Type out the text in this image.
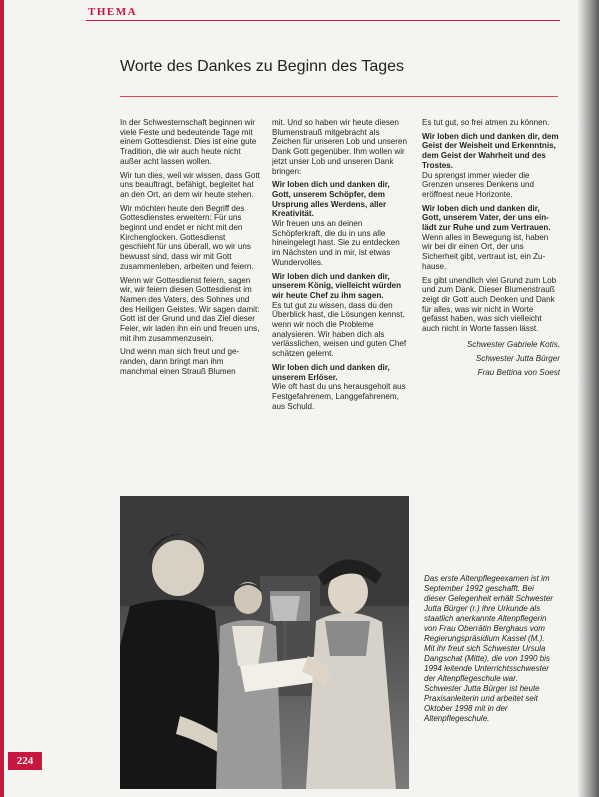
THEMA
Worte des Dankes zu Beginn des Tages

In der Schwesternschaft beginnen wir viele Feste und bedeutende Tage mit einem Gottesdienst. Dies ist eine gute Tradition, die wir auch heute nicht außer acht lassen wollen.

Wir tun dies, weil wir wissen, dass Gott uns beauftragt, befähigt, begleitet hat an den Ort, an dem wir heute stehen.

Wir möchten heute den Begriff des Gottesdienstes erweitern: Für uns beginnt und endet er nicht mit den Kirchenglocken. Gottesdienst geschieht für uns überall, wo wir uns bewusst sind, dass wir mit Gott zusammenleben, arbeiten und feiern.

Wenn wir Gottesdienst feiern, sagen wir, wir feiern diesen Gottesdienst im Namen des Vaters, des Sohnes und des Heiligen Geistes. Wir sagen damit: Gott ist der Grund und das Ziel dieser Feier, wir laden ihn ein und freuen uns, mit ihm zusammenzusein.

Und wenn man sich freut und geranden, dann bringt man ihm manchmal einen Strauß Blumen

mit. Und so haben wir heute diesen Blumenstrauß mitgebracht als Zeichen für unseren Lob und unseren Dank Gott gegenüber. Ihm wollen wir jetzt unser Lob und unseren Dank bringen:

Wir loben dich und danken dir, Gott, unserem Schöpfer, dem Ursprung alles Werdens, aller Kreativität.

Wir freuen uns an deinen Schöpferkraft, die du in uns alle hineingelegt hast. Sie zu entdecken im Nächsten und in mir, ist etwas Wundervolles.

Wir loben dich und danken dir, unserem König, vielleicht würden wir heute Chef zu ihm sagen.

Es tut gut zu wissen, dass du den Überblick hast, die Lösungen kennst, wenn wir noch die Probleme analysieren. Wir haben dich als verlässlichen, weisen und guten Chef schätzen gelernt.

Wir loben dich und danken dir, unserem Erlöser.

Wie oft hast du uns herausgeholt aus Festgefahrenem, Langgefahrenem, aus Schuld.

Es tut gut, so frei atmen zu können.

Wir loben dich und danken dir, dem Geist der Weisheit und Erkenntnis, dem Geist der Wahrheit und des Trostes.

Du sprengst immer wieder die Grenzen unseres Denkens und eröffnest neue Horizonte.

Wir loben dich und danken dir, Gott, unserem Vater, der uns einlädt zur Ruhe und zum Vertrauen.

Wenn alles in Bewegung ist, haben wir bei dir einen Ort, der uns Sicherheit gibt, vertraut ist, ein Zuhause.

Es gibt unendlich viel Grund zum Lob und zum Dank. Dieser Blumenstrauß zeigt dir Gott auch Denken und Dank für alles, was wir nicht in Worte gefasst haben, was sich vielleicht auch nicht in Worte fassen lässt.

Schwester Gabriele Kotis,

Schwester Jutta Bürger

Frau Bettina von Soest

Das erste Altenpflegeexamen ist im September 1992 geschafft. Bei dieser Gelegenheit erhält Schwester Jutta Bürger (r.) ihre Urkunde als staatlich anerkannte Altenpflegerin von Frau Oberrätin Berghaus vom Regierungspräsidium Kassel (M.). Mit ihr freut sich Schwester Ursula Dangschat (Mitte), die von 1990 bis 1994 leitende Unterrichtsschwester der Altenpflegeschule war. Schwester Jutta Bürger ist heute Praxisanleiterin und arbeitet seit Oktober 1998 mit in der Altenpflegeschule.
224
